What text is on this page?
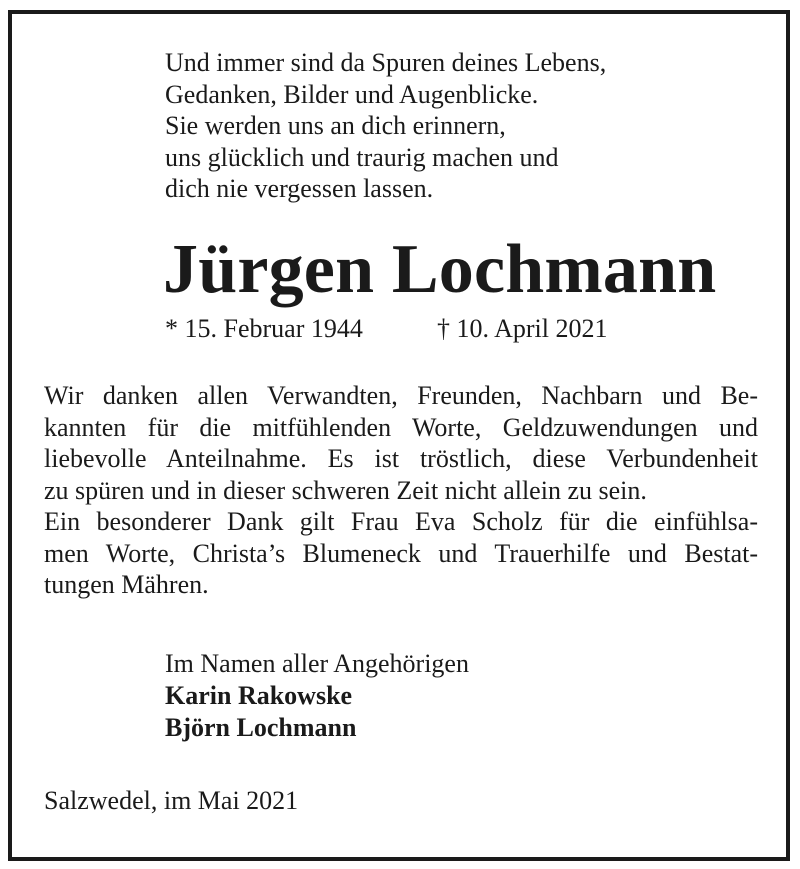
Und immer sind da Spuren deines Lebens,
Gedanken, Bilder und Augenblicke.
Sie werden uns an dich erinnern,
uns glücklich und traurig machen und
dich nie vergessen lassen.
Jürgen Lochmann
* 15. Februar 1944	† 10. April 2021
Wir danken allen Verwandten, Freunden, Nachbarn und Be-
kannten für die mitfühlenden Worte, Geldzuwendungen und
liebevolle Anteilnahme. Es ist tröstlich, diese Verbundenheit
zu spüren und in dieser schweren Zeit nicht allein zu sein.
Ein besonderer Dank gilt Frau Eva Scholz für die einfühlsa-
men Worte, Christa’s Blumeneck und Trauerhilfe und Bestat-
tungen Mähren.
Im Namen aller Angehörigen
Karin Rakowske
Björn Lochmann
Salzwedel, im Mai 2021
